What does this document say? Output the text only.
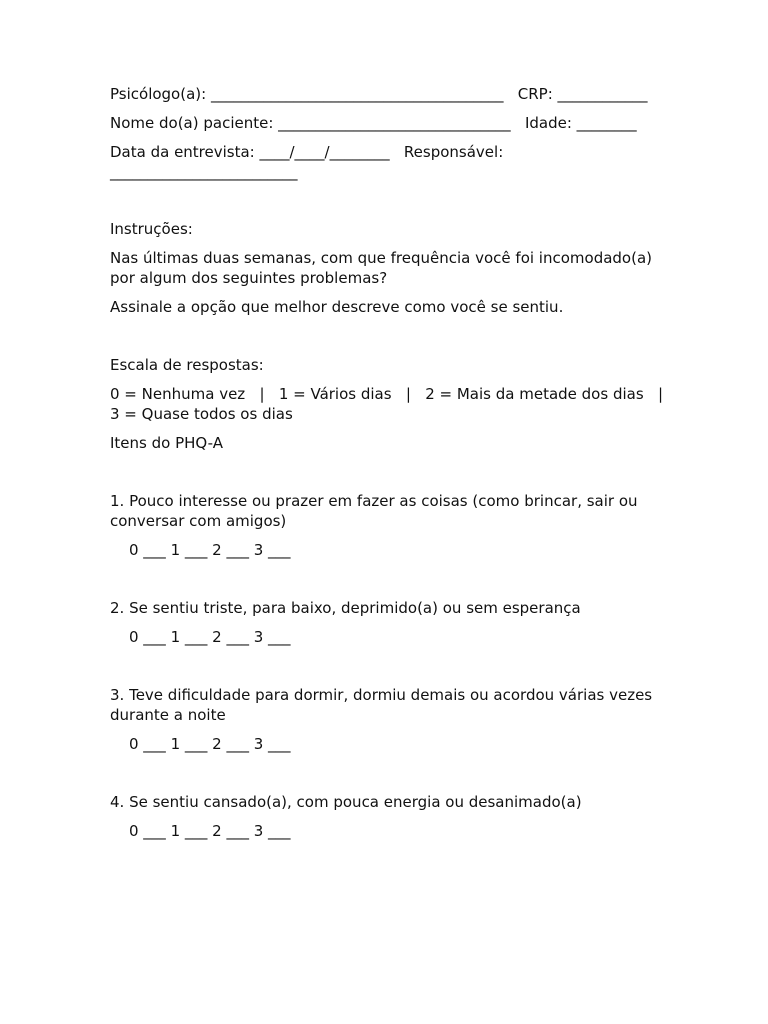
Psicólogo(a): _______________________________________   CRP: ____________

Nome do(a) paciente: _______________________________   Idade: ________

Data da entrevista: ____/____/________   Responsável: _________________________

Instruções:

Nas últimas duas semanas, com que frequência você foi incomodado(a) por algum dos seguintes problemas?

Assinale a opção que melhor descreve como você se sentiu.

Escala de respostas:

0 = Nenhuma vez   |   1 = Vários dias   |   2 = Mais da metade dos dias   |   3 = Quase todos os dias

Itens do PHQ-A

1. Pouco interesse ou prazer em fazer as coisas (como brincar, sair ou conversar com amigos)

0 ___ 1 ___ 2 ___ 3 ___

2. Se sentiu triste, para baixo, deprimido(a) ou sem esperança

0 ___ 1 ___ 2 ___ 3 ___

3. Teve dificuldade para dormir, dormiu demais ou acordou várias vezes durante a noite

0 ___ 1 ___ 2 ___ 3 ___

4. Se sentiu cansado(a), com pouca energia ou desanimado(a)

0 ___ 1 ___ 2 ___ 3 ___
